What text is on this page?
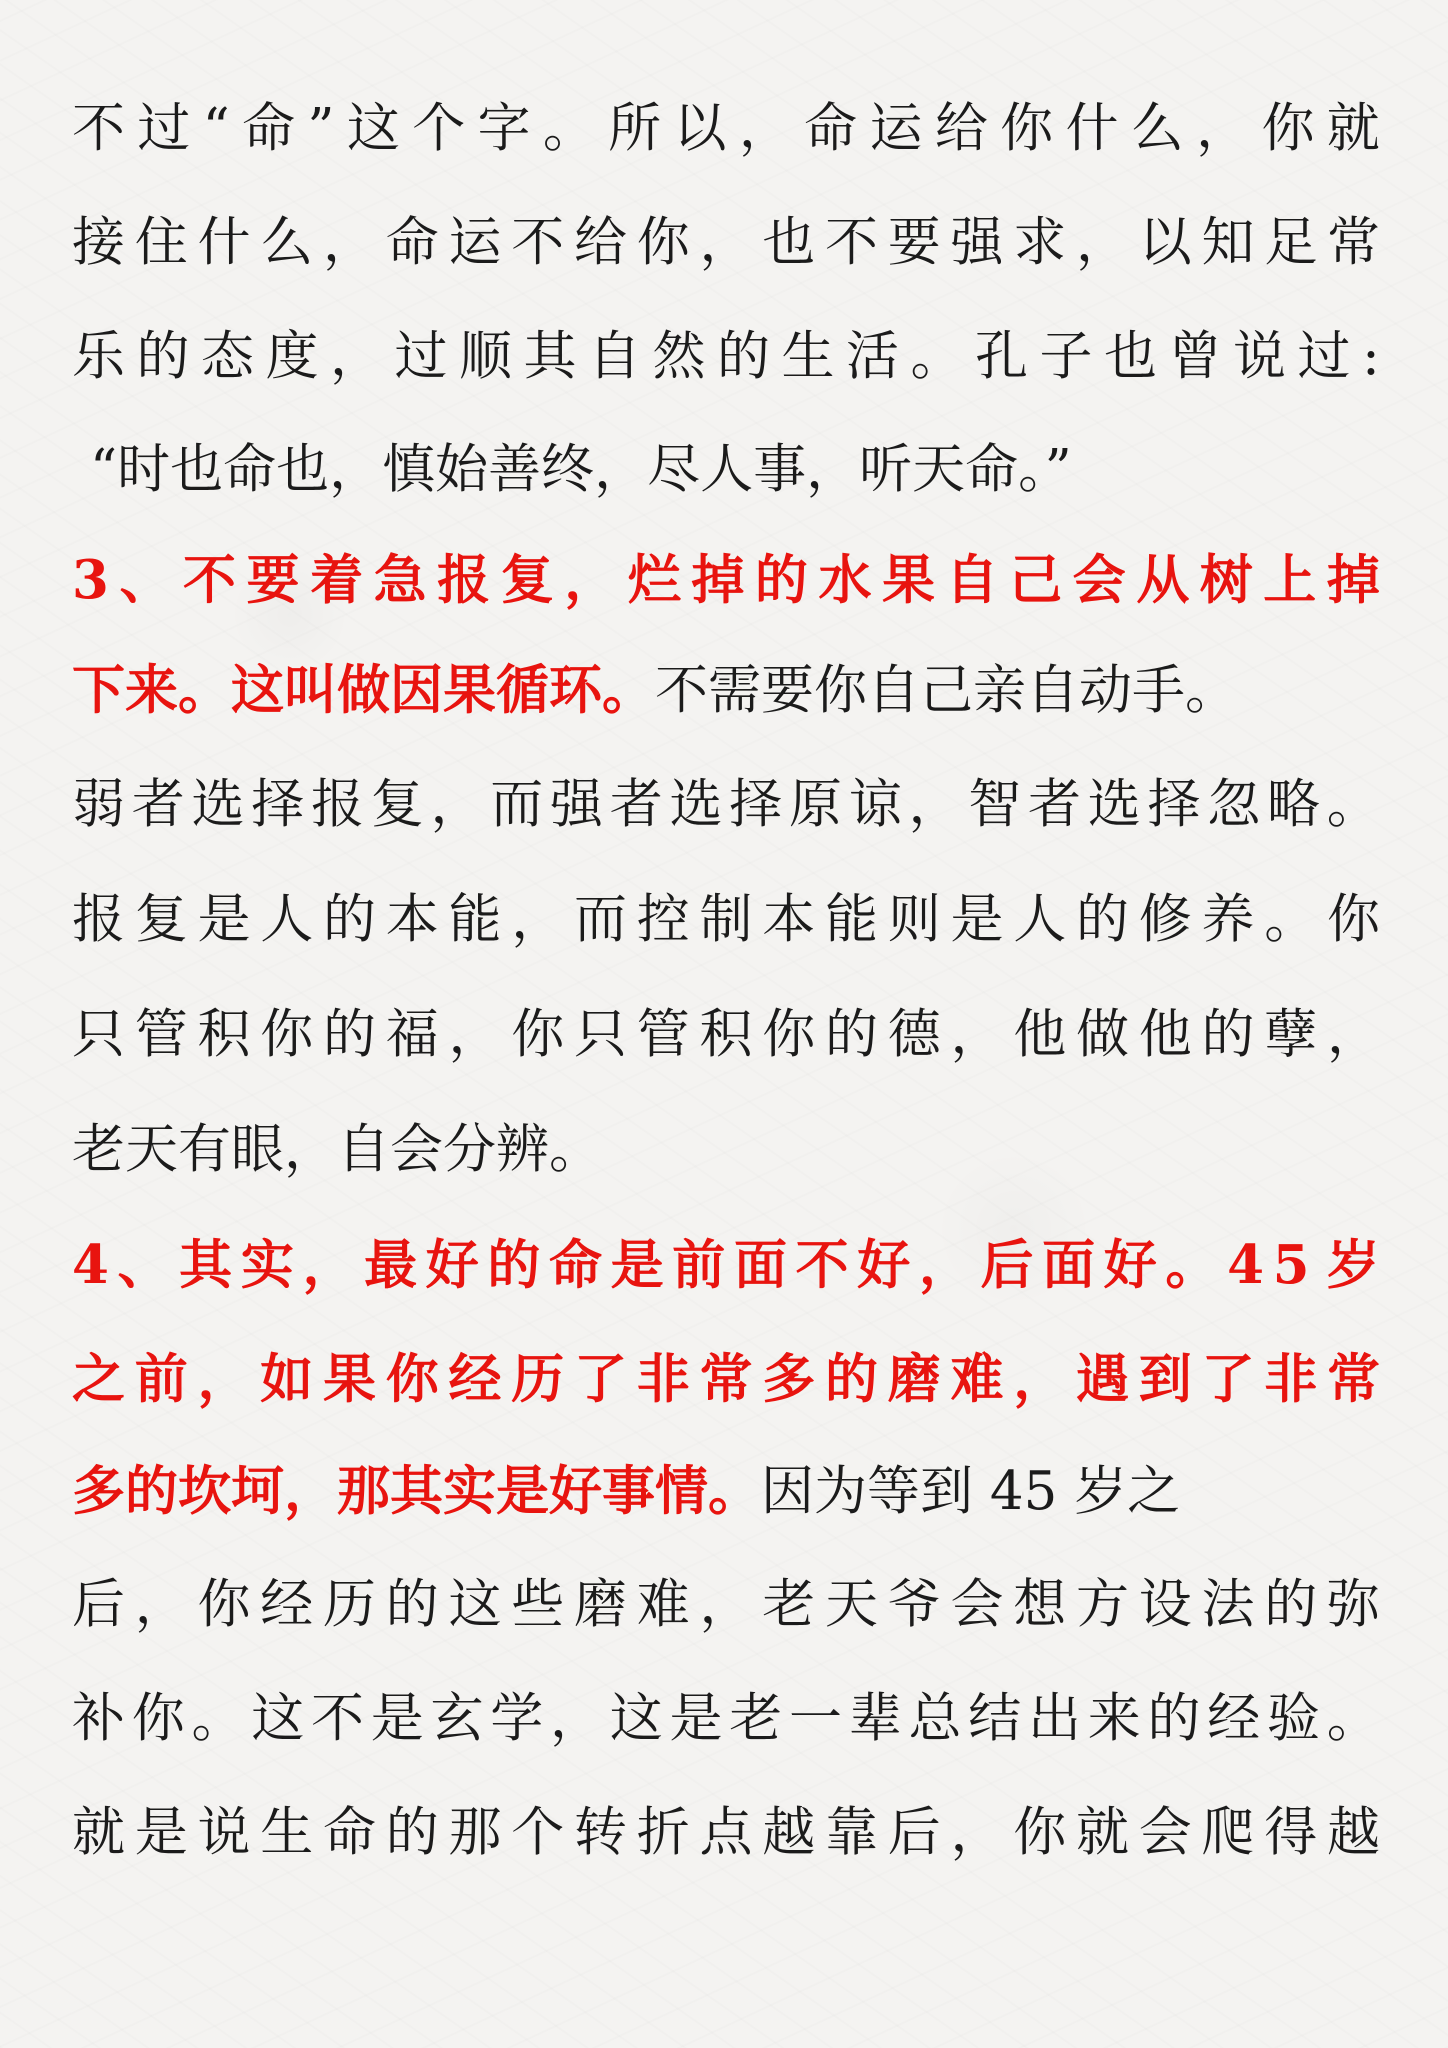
不 过 “ 命 ” 这 个 字 。 所 以 ， 命 运 给 你 什 么 ， 你 就
接 住 什 么 ， 命 运 不 给 你 ， 也 不 要 强 求 ， 以 知 足 常
乐 的 态 度 ， 过 顺 其 自 然 的 生 活 。 孔 子 也 曾 说 过 :
“时也命也，慎始善终，尽人事，听天命。”
3 、 不 要 着 急 报 复 ， 烂 掉 的 水 果 自 己 会 从 树 上 掉
下来。这叫做因果循环。不需要你自己亲自动手。
弱 者 选 择 报 复 ， 而 强 者 选 择 原 谅 ， 智 者 选 择 忽 略 。
报 复 是 人 的 本 能 ， 而 控 制 本 能 则 是 人 的 修 养 。 你
只 管 积 你 的 福 ， 你 只 管 积 你 的 德 ， 他 做 他 的 孽 ，
老天有眼，自会分辨。
4 、 其 实 ， 最 好 的 命 是 前 面 不 好 ， 后 面 好 。 4 5 岁
之 前 ， 如 果 你 经 历 了 非 常 多 的 磨 难 ， 遇 到 了 非 常
多的坎坷，那其实是好事情。因为等到 45 岁之
后 ， 你 经 历 的 这 些 磨 难 ， 老 天 爷 会 想 方 设 法 的 弥
补 你 。 这 不 是 玄 学 ， 这 是 老 一 辈 总 结 出 来 的 经 验 。
就 是 说 生 命 的 那 个 转 折 点 越 靠 后 ， 你 就 会 爬 得 越
